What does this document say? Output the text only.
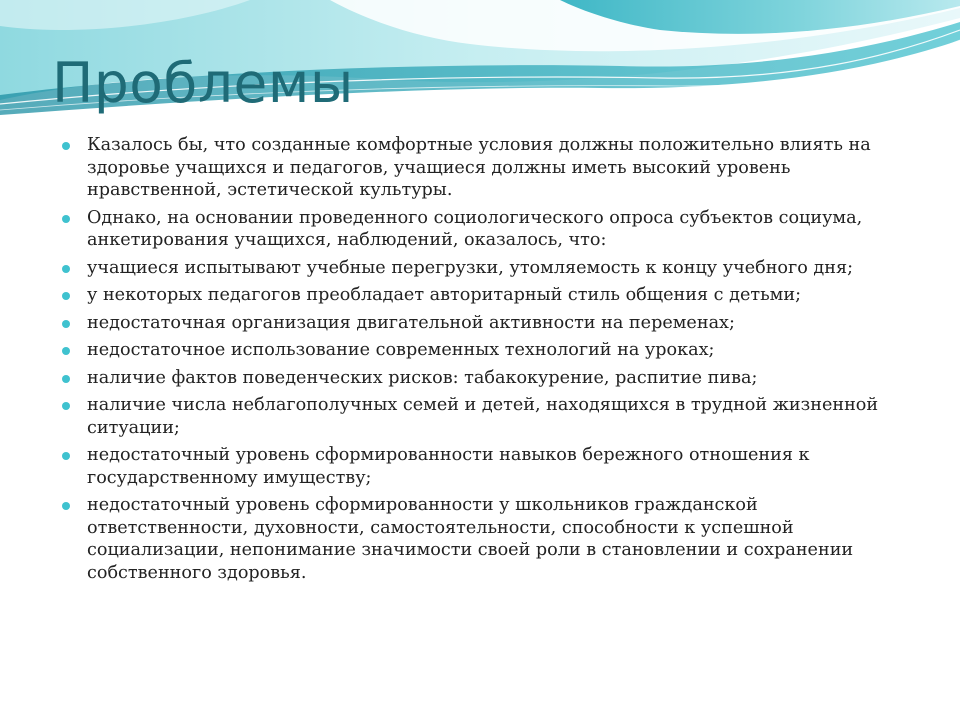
Проблемы
Казалось бы, что созданные комфортные условия должны положительно влиять на здоровье учащихся и педагогов, учащиеся должны иметь высокий уровень нравственной, эстетической культуры.
Однако, на основании проведенного социологического опроса субъектов социума, анкетирования учащихся, наблюдений, оказалось, что:
учащиеся испытывают учебные перегрузки, утомляемость к концу учебного дня;
у некоторых педагогов преобладает авторитарный стиль общения с детьми;
недостаточная организация двигательной активности на переменах;
недостаточное использование современных технологий на уроках;
наличие фактов поведенческих рисков: табакокурение, распитие пива;
наличие числа неблагополучных семей и детей, находящихся в трудной жизненной ситуации;
недостаточный уровень сформированности навыков бережного отношения к государственному имуществу;
недостаточный уровень сформированности у школьников гражданской ответственности, духовности, самостоятельности, способности к успешной социализации, непонимание значимости своей роли в становлении и сохранении собственного здоровья.
